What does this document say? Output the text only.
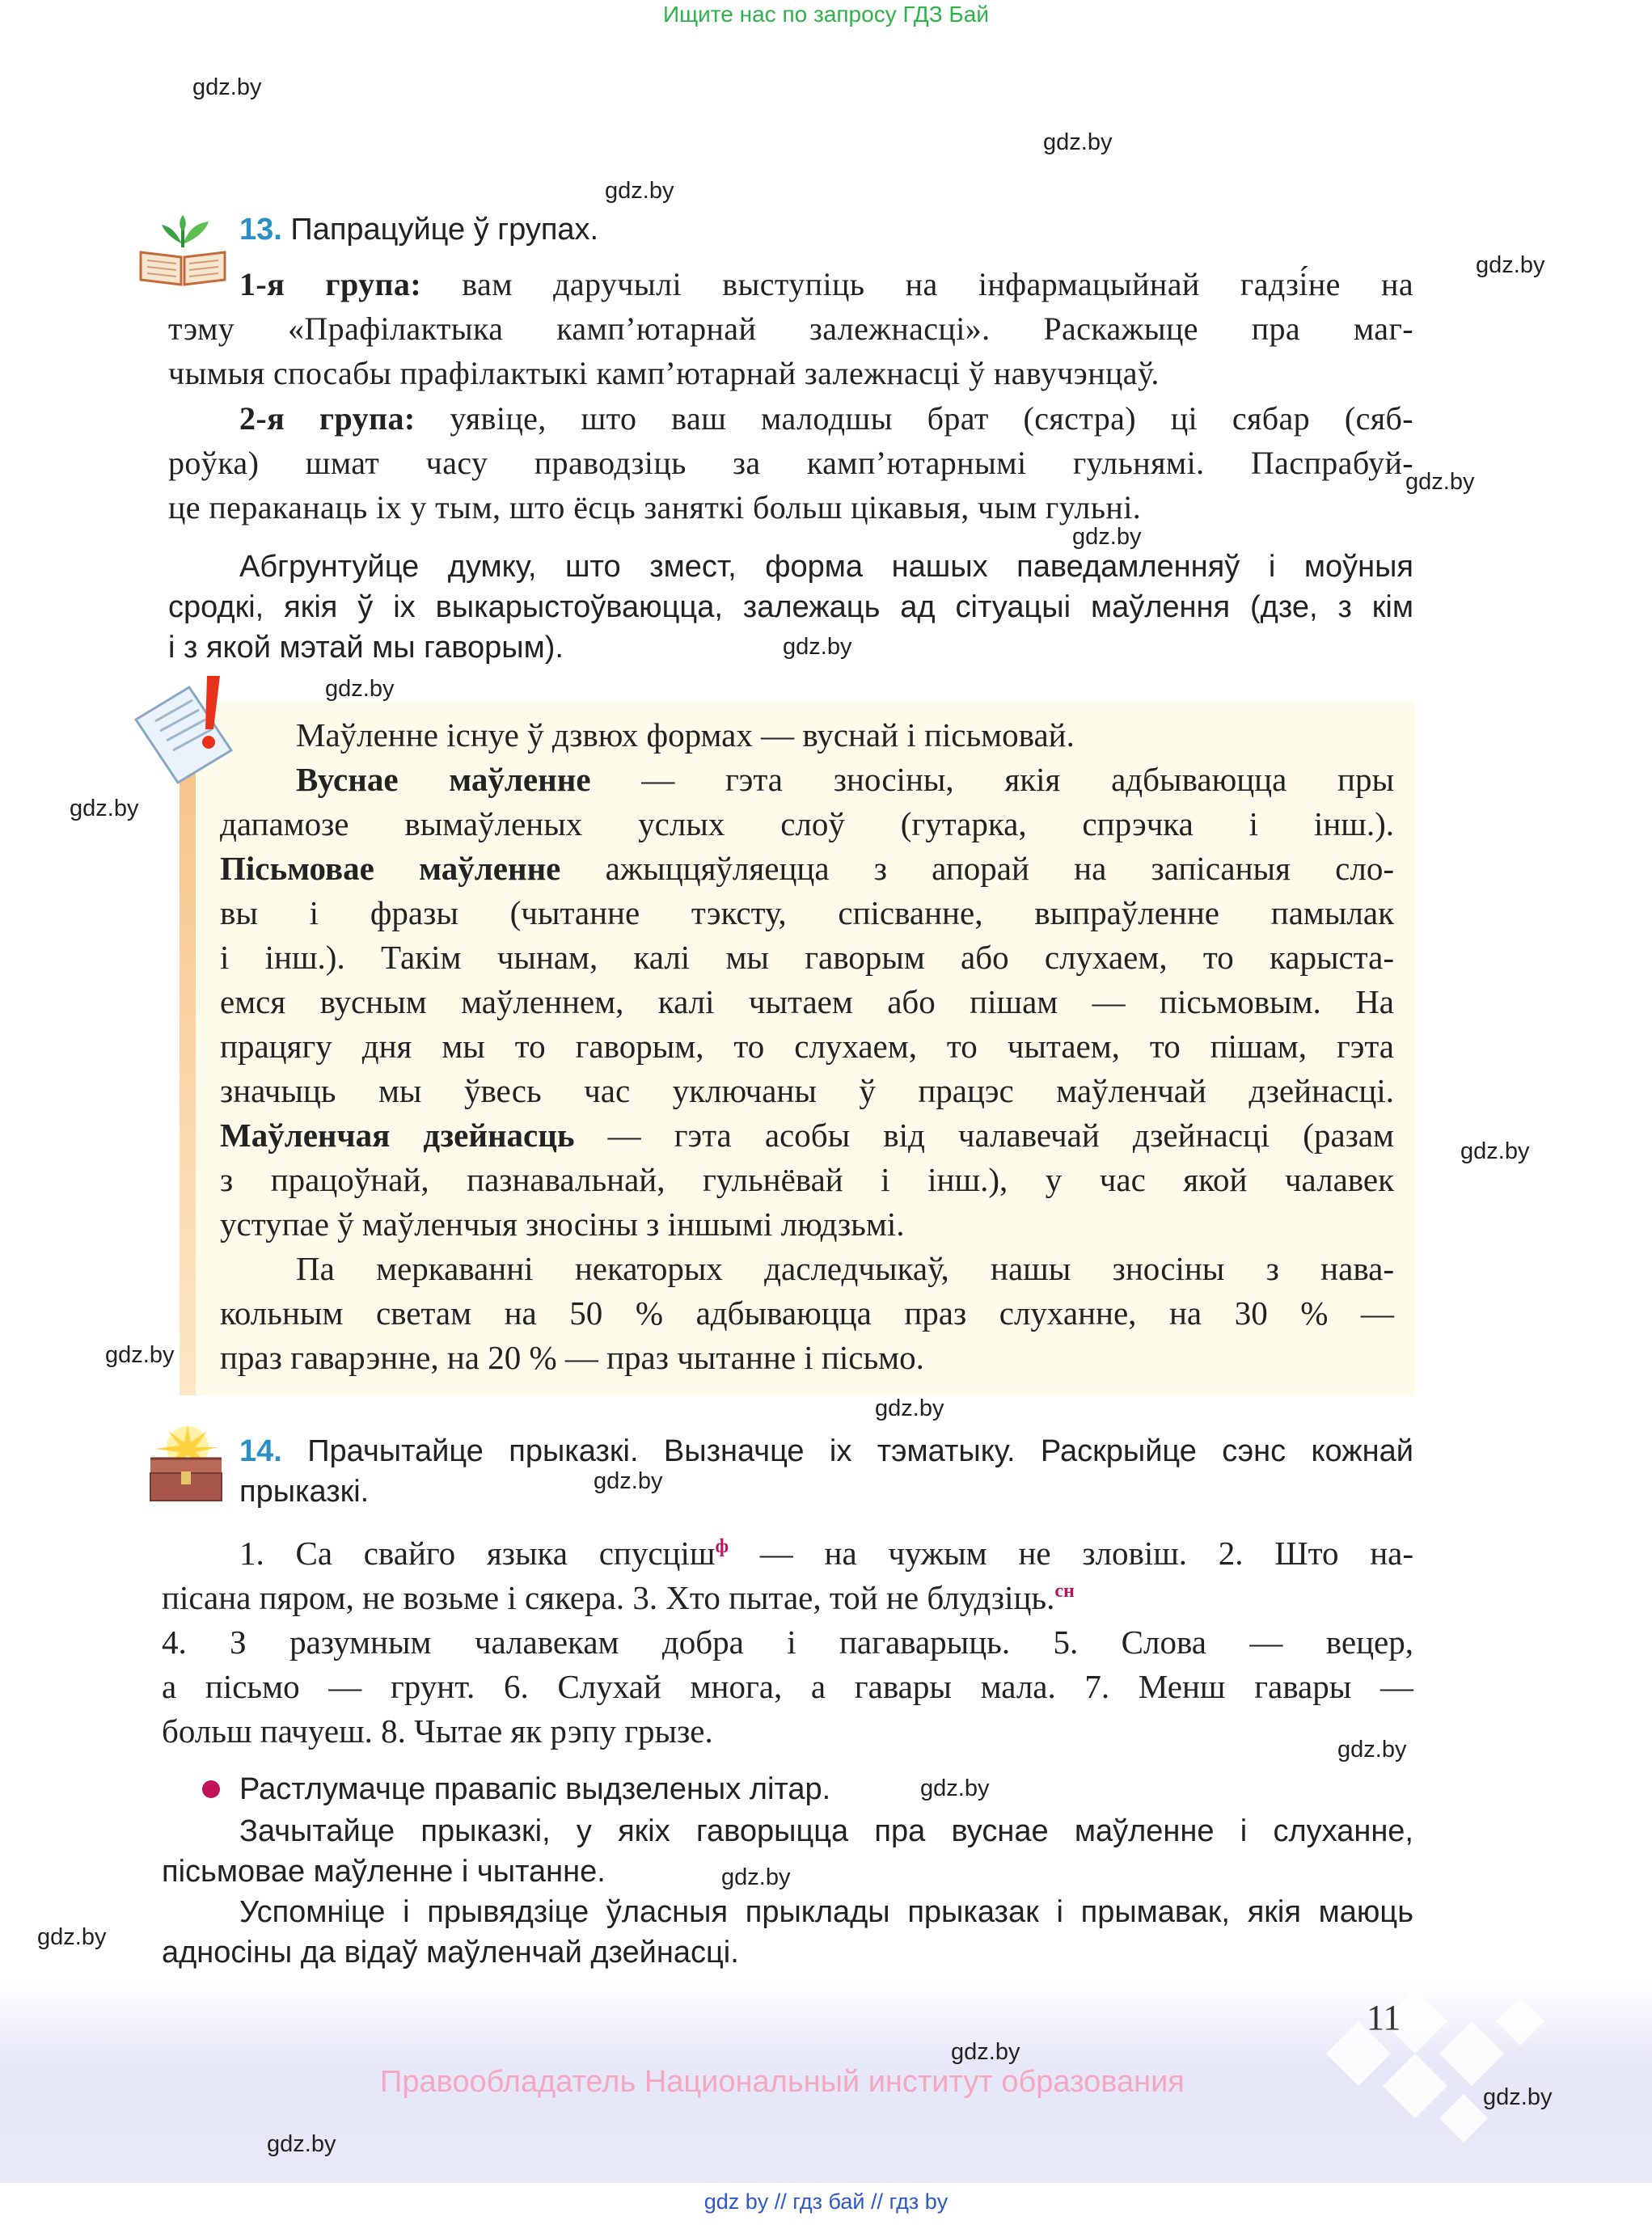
Ищите нас по запросу ГДЗ Бай
gdz.by
gdz.by
gdz.by
gdz.by
gdz.by
gdz.by
gdz.by
gdz.by
gdz.by
gdz.by
gdz.by
gdz.by
gdz.by
gdz.by
gdz.by
gdz.by
gdz.by
13. Папрацуйце ў групах.
1-я група: вам даручылі выступіць на інфармацыйнай гадзі́не на
тэму «Прафілактыка камп’ютарнай залежнасці». Раскажыце пра маг-
чымыя спосабы прафілактыкі камп’ютарнай залежнасці ў навучэнцаў.
2-я група: уявіце, што ваш малодшы брат (сястра) ці сябар (сяб-
роўка) шмат часу праводзіць за камп’ютарнымі гульнямі. Паспрабуй-
це пераканаць іх у тым, што ёсць заняткі больш цікавыя, чым гульні.
Абгрунтуйце думку, што змест, форма нашых паведамленняў і моўныя
сродкі, якія ў іх выкарыстоўваюцца, залежаць ад сітуацыі маўлення (дзе, з кім
і з якой мэтай мы гаворым).
Маўленне існуе ў дзвюх формах — вуснай і пісьмовай.
Вуснае маўленне — гэта зносіны, якія адбываюцца пры
дапамозе вымаўленых услых слоў (гутарка, спрэчка і інш.).
Пісьмовае маўленне ажыццяўляецца з апорай на запісаныя сло-
вы і фразы (чытанне тэксту, спісванне, выпраўленне памылак
і інш.). Такім чынам, калі мы гаворым або слухаем, то карыста-
емся вусным маўленнем, калі чытаем або пішам — пісьмовым. На
працягу дня мы то гаворым, то слухаем, то чытаем, то пішам, гэта
значыць мы ўвесь час уключаны ў працэс маўленчай дзейнасці.
Маўленчая дзейнасць — гэта асобы від чалавечай дзейнасці (разам
з працоўнай, пазнавальнай, гульнёвай і інш.), у час якой чалавек
уступае ў маўленчыя зносіны з іншымі людзьмі.
Па меркаванні некаторых даследчыкаў, нашы зносіны з нава-
кольным светам на 50 % адбываюцца праз слуханне, на 30 % —
праз гаварэнне, на 20 % — праз чытанне і пісьмо.
14. Прачытайце прыказкі. Вызначце іх тэматыку. Раскрыйце сэнс кожнай
прыказкі.
1. Са свайго языка спусціш$^ф$ — на чужым не зловіш. 2. Што на-
пісана пяром, не возьме і сякера. 3. Хто пытае, той не блудзіць.$^{сн}$
4. З разумным чалавекам добра і пагаварыць. 5. Слова — вецер,
а пісьмо — грунт. 6. Слухай многа, а гавары мала. 7. Менш гавары —
больш пачуеш. 8. Чытае як рэпу грызе.
Растлумачце правапіс выдзеленых літар.
Зачытайце прыказкі, у якіх гаворыцца пра вуснае маўленне і слуханне,
пісьмовае маўленне і чытанне.
Успомніце і прывядзіце ўласныя прыклады прыказак і прымавак, якія маюць
адносіны да відаў маўленчай дзейнасці.
11
Правообладатель Национальный институт образования
gdz.by
gdz.by
gdz.by
gdz by // гдз бай // гдз by
